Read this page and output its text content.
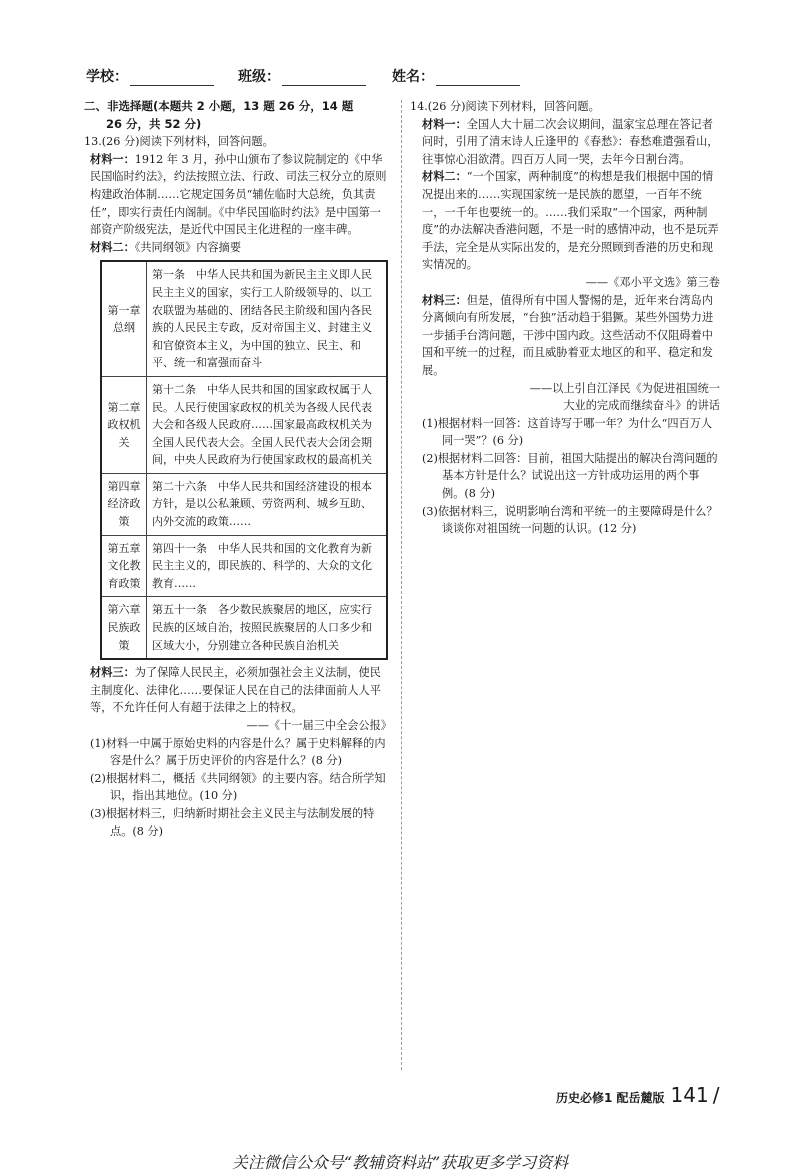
学校：	班级：	姓名：
二、非选择题(本题共 2 小题，13 题 26 分，14 题
26 分，共 52 分)

13.(26 分)阅读下列材料，回答问题。

材料一：1912 年 3 月，孙中山颁布了参议院制定的《中华民国临时约法》，约法按照立法、行政、司法三权分立的原则构建政治体制……它规定国务员“辅佐临时大总统，负其责任”，即实行责任内阁制。《中华民国临时约法》是中国第一部资产阶级宪法，是近代中国民主化进程的一座丰碑。

材料二：《共同纲领》内容摘要

第一章总纲	第一条　中华人民共和国为新民主主义即人民民主主义的国家，实行工人阶级领导的、以工农联盟为基础的、团结各民主阶级和国内各民族的人民民主专政，反对帝国主义、封建主义和官僚资本主义，为中国的独立、民主、和平、统一和富强而奋斗
第二章政权机关	第十二条　中华人民共和国的国家政权属于人民。人民行使国家政权的机关为各级人民代表大会和各级人民政府……国家最高政权机关为全国人民代表大会。全国人民代表大会闭会期间，中央人民政府为行使国家政权的最高机关
第四章经济政策	第二十六条　中华人民共和国经济建设的根本方针，是以公私兼顾、劳资两利、城乡互助、内外交流的政策……
第五章文化教育政策	第四十一条　中华人民共和国的文化教育为新民主主义的，即民族的、科学的、大众的文化教育……
第六章民族政策	第五十一条　各少数民族聚居的地区，应实行民族的区域自治，按照民族聚居的人口多少和区域大小，分别建立各种民族自治机关

材料三：为了保障人民民主，必须加强社会主义法制，使民主制度化、法律化……要保证人民在自己的法律面前人人平等，不允许任何人有超于法律之上的特权。

——《十一届三中全会公报》

(1)材料一中属于原始史料的内容是什么？属于史料解释的内容是什么？属于历史评价的内容是什么？(8 分)

(2)根据材料二，概括《共同纲领》的主要内容。结合所学知识，指出其地位。(10 分)

(3)根据材料三，归纳新时期社会主义民主与法制发展的特点。(8 分)

14.(26 分)阅读下列材料，回答问题。

材料一：全国人大十届二次会议期间，温家宝总理在答记者问时，引用了清末诗人丘逢甲的《春愁》：春愁难遣强看山，往事惊心泪欲潸。四百万人同一哭，去年今日割台湾。

材料二：“一个国家，两种制度”的构想是我们根据中国的情况提出来的……实现国家统一是民族的愿望，一百年不统一，一千年也要统一的。……我们采取“一个国家，两种制度”的办法解决香港问题，不是一时的感情冲动，也不是玩弄手法，完全是从实际出发的，是充分照顾到香港的历史和现实情况的。

——《邓小平文选》第三卷

材料三：但是，值得所有中国人警惕的是，近年来台湾岛内分离倾向有所发展，“台独”活动趋于猖獗。某些外国势力进一步插手台湾问题，干涉中国内政。这些活动不仅阻碍着中国和平统一的过程，而且威胁着亚太地区的和平、稳定和发展。

——以上引自江泽民《为促进祖国统一大业的完成而继续奋斗》的讲话

(1)根据材料一回答：这首诗写于哪一年？为什么“四百万人同一哭”？(6 分)

(2)根据材料二回答：目前，祖国大陆提出的解决台湾问题的基本方针是什么？试说出这一方针成功运用的两个事例。(8 分)

(3)依据材料三，说明影响台湾和平统一的主要障碍是什么？谈谈你对祖国统一问题的认识。(12 分)

历史必修1 配岳麓版 141 /
关注微信公众号“教辅资料站”获取更多学习资料
